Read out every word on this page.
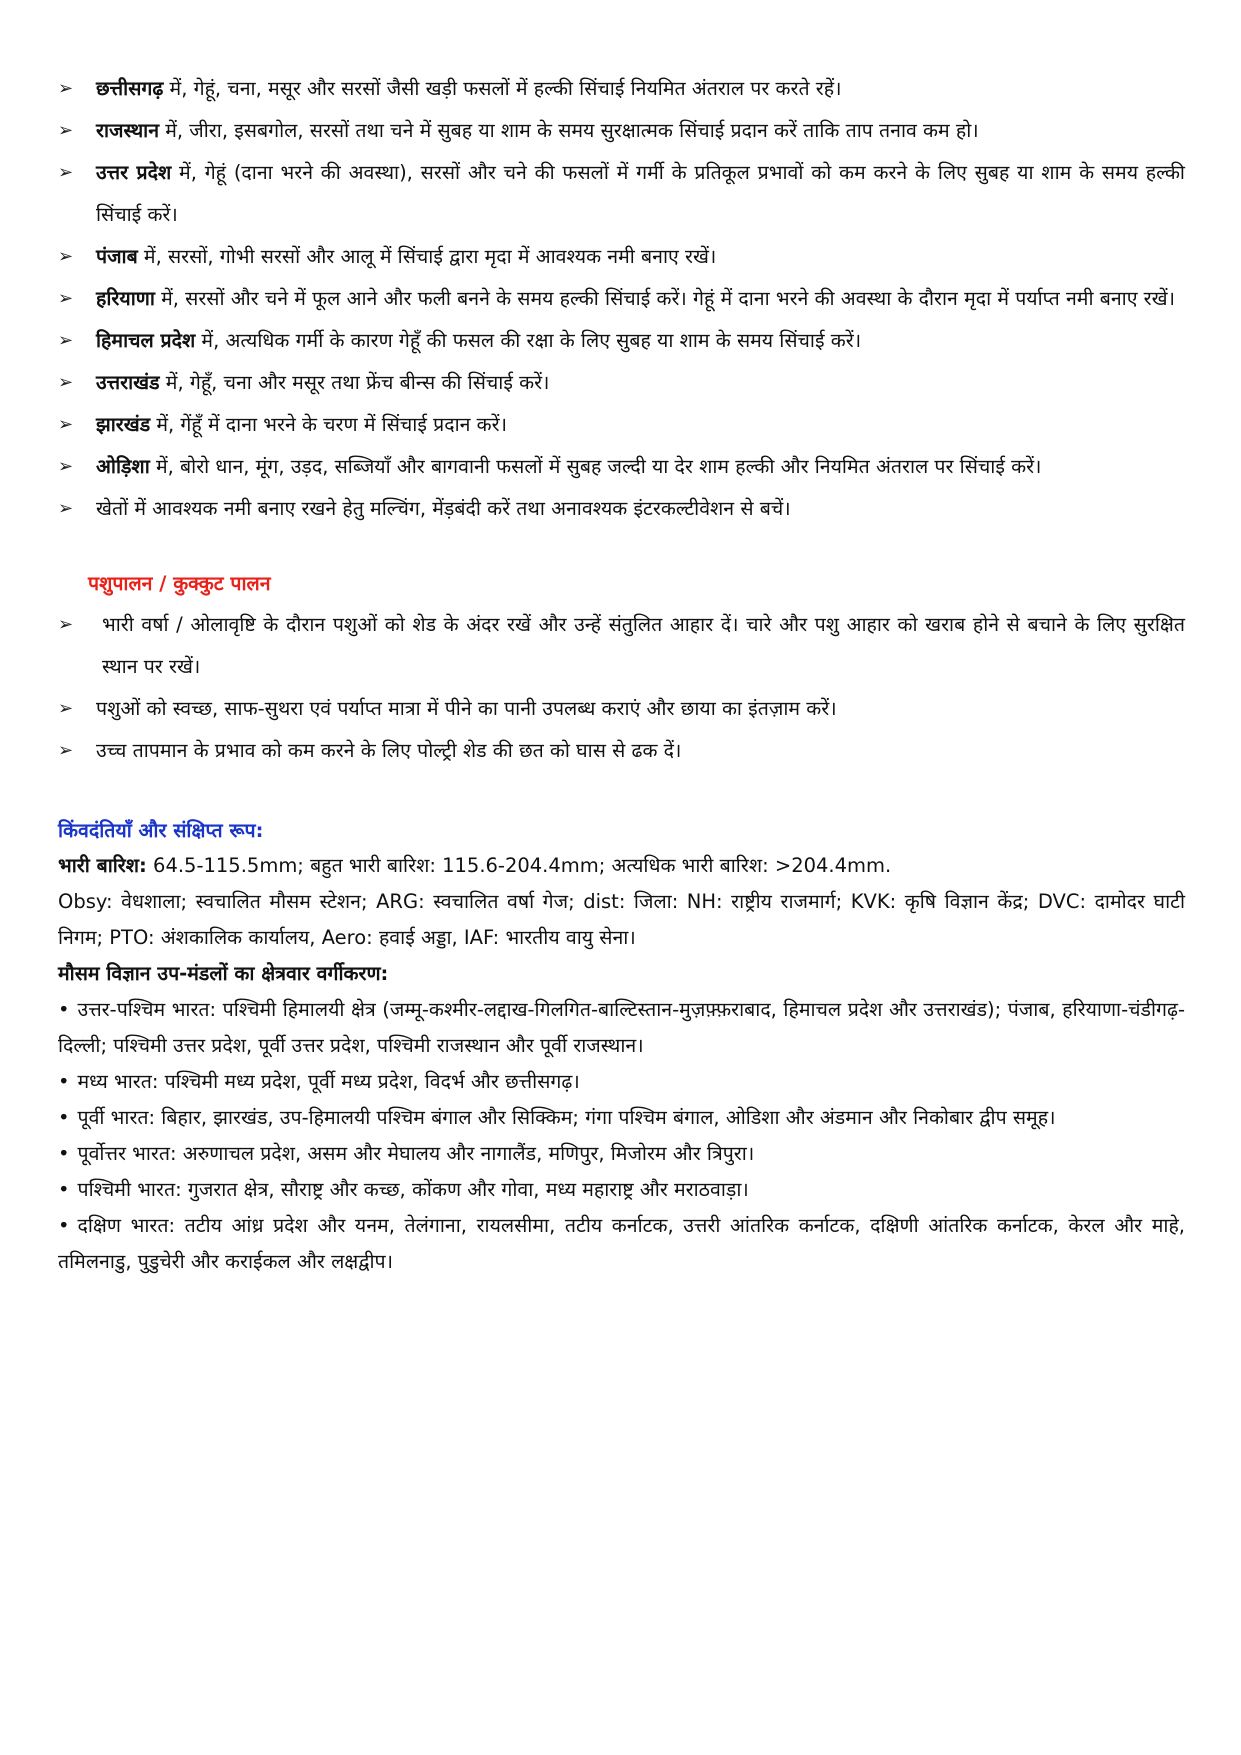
➢ छत्तीसगढ़ में, गेहूं, चना, मसूर और सरसों जैसी खड़ी फसलों में हल्की सिंचाई नियमित अंतराल पर करते रहें।
➢ राजस्थान में, जीरा, इसबगोल, सरसों तथा चने में सुबह या शाम के समय सुरक्षात्मक सिंचाई प्रदान करें ताकि ताप तनाव कम हो।
➢ उत्तर प्रदेश में, गेहूं (दाना भरने की अवस्था), सरसों और चने की फसलों में गर्मी के प्रतिकूल प्रभावों को कम करने के लिए सुबह या शाम के समय हल्की सिंचाई करें।
➢ पंजाब में, सरसों, गोभी सरसों और आलू में सिंचाई द्वारा मृदा में आवश्यक नमी बनाए रखें।
➢ हरियाणा में, सरसों और चने में फूल आने और फली बनने के समय हल्की सिंचाई करें। गेहूं में दाना भरने की अवस्था के दौरान मृदा में पर्याप्त नमी बनाए रखें।
➢ हिमाचल प्रदेश में, अत्यधिक गर्मी के कारण गेहूँ की फसल की रक्षा के लिए सुबह या शाम के समय सिंचाई करें।
➢ उत्तराखंड में, गेहूँ, चना और मसूर तथा फ्रेंच बीन्स की सिंचाई करें।
➢ झारखंड में, गेंहूँ में दाना भरने के चरण में सिंचाई प्रदान करें।
➢ ओड़िशा में, बोरो धान, मूंग, उड़द, सब्जियाँ और बागवानी फसलों में सुबह जल्दी या देर शाम हल्की और नियमित अंतराल पर सिंचाई करें।
➢ खेतों में आवश्यक नमी बनाए रखने हेतु मल्चिंग, मेंड़बंदी करें तथा अनावश्यक इंटरकल्टीवेशन से बचें।
पशुपालन / कुक्कुट पालन
➢ भारी वर्षा / ओलावृष्टि के दौरान पशुओं को शेड के अंदर रखें और उन्हें संतुलित आहार दें। चारे और पशु आहार को खराब होने से बचाने के लिए सुरक्षित स्थान पर रखें।
➢ पशुओं को स्वच्छ, साफ-सुथरा एवं पर्याप्त मात्रा में पीने का पानी उपलब्ध कराएं और छाया का इंतज़ाम करें।
➢ उच्च तापमान के प्रभाव को कम करने के लिए पोल्ट्री शेड की छत को घास से ढक दें।
किंवदंतियाँ और संक्षिप्त रूप:

भारी बारिश: 64.5-115.5mm; बहुत भारी बारिश: 115.6-204.4mm; अत्यधिक भारी बारिश: >204.4mm.

Obsy: वेधशाला; स्वचालित मौसम स्टेशन; ARG: स्वचालित वर्षा गेज; dist: जिला: NH: राष्ट्रीय राजमार्ग; KVK: कृषि विज्ञान केंद्र; DVC: दामोदर घाटी निगम; PTO: अंशकालिक कार्यालय, Aero: हवाई अड्डा, IAF: भारतीय वायु सेना।

मौसम विज्ञान उप-मंडलों का क्षेत्रवार वर्गीकरण:

• उत्तर-पश्चिम भारत: पश्चिमी हिमालयी क्षेत्र (जम्मू-कश्मीर-लद्दाख-गिलगित-बाल्टिस्तान-मुज़फ़्फ़राबाद, हिमाचल प्रदेश और उत्तराखंड); पंजाब, हरियाणा-चंडीगढ़-दिल्ली; पश्चिमी उत्तर प्रदेश, पूर्वी उत्तर प्रदेश, पश्चिमी राजस्थान और पूर्वी राजस्थान।

• मध्य भारत: पश्चिमी मध्य प्रदेश, पूर्वी मध्य प्रदेश, विदर्भ और छत्तीसगढ़।

• पूर्वी भारत: बिहार, झारखंड, उप-हिमालयी पश्चिम बंगाल और सिक्किम; गंगा पश्चिम बंगाल, ओडिशा और अंडमान और निकोबार द्वीप समूह।

• पूर्वोत्तर भारत: अरुणाचल प्रदेश, असम और मेघालय और नागालैंड, मणिपुर, मिजोरम और त्रिपुरा।

• पश्चिमी भारत: गुजरात क्षेत्र, सौराष्ट्र और कच्छ, कोंकण और गोवा, मध्य महाराष्ट्र और मराठवाड़ा।

• दक्षिण भारत: तटीय आंध्र प्रदेश और यनम, तेलंगाना, रायलसीमा, तटीय कर्नाटक, उत्तरी आंतरिक कर्नाटक, दक्षिणी आंतरिक कर्नाटक, केरल और माहे, तमिलनाडु, पुडुचेरी और कराईकल और लक्षद्वीप।
